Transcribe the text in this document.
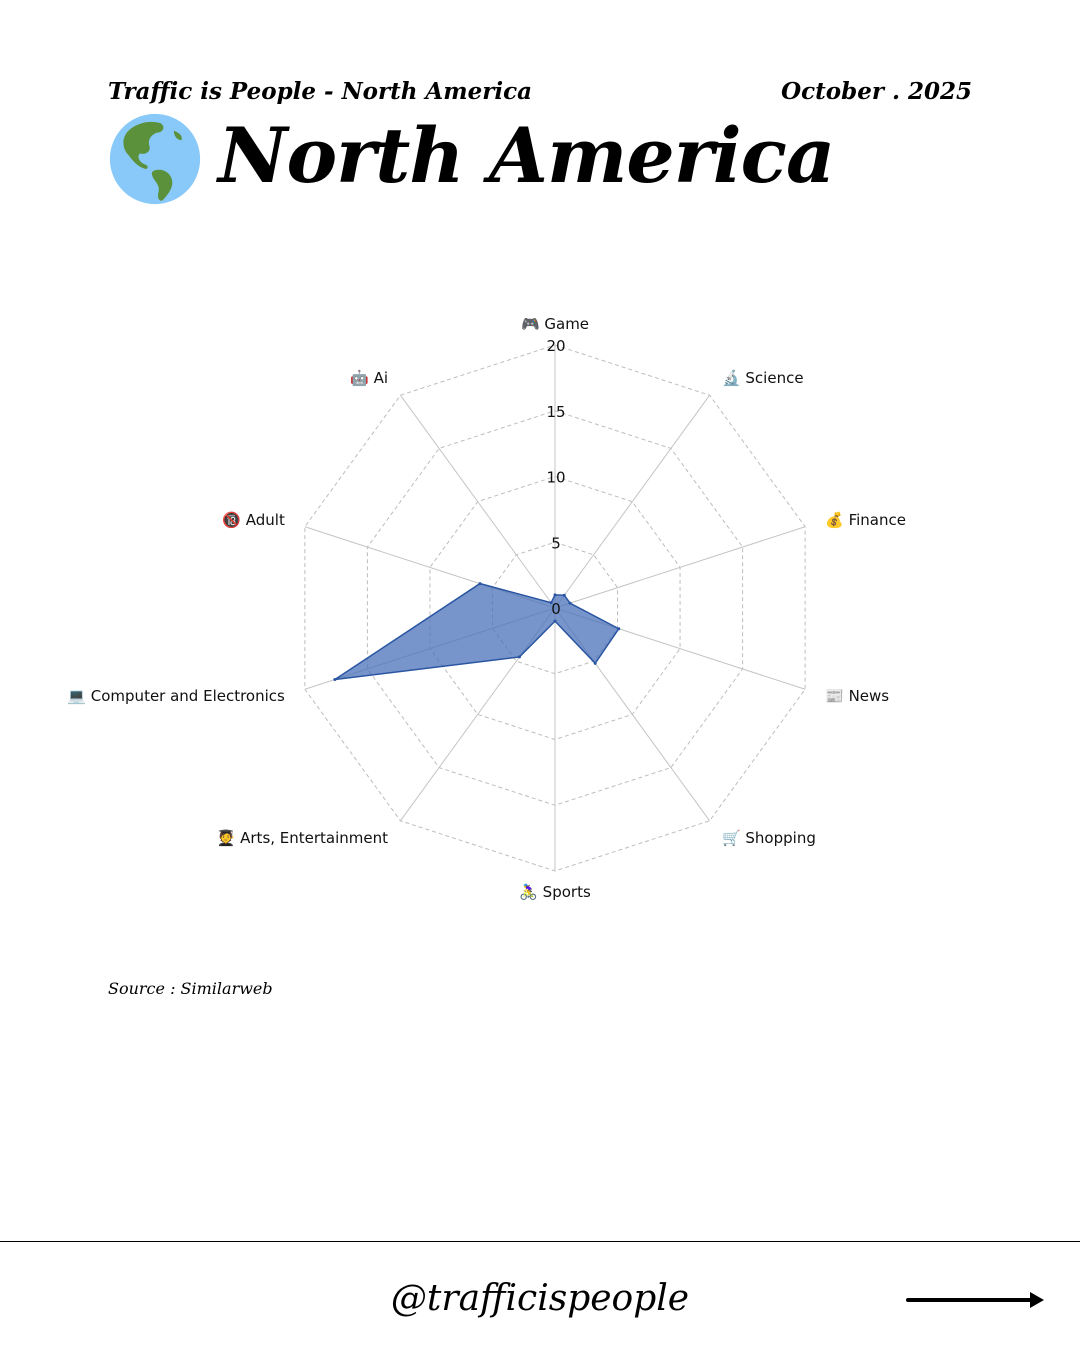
Traffic is People - North America	October . 2025

North America
0
5
10
15
20
🎮 Game
🔬 Science
💰 Finance
📰 News
🛒 Shopping
🚴‍♀️ Sports
🧑‍🎓 Arts, Entertainment
💻 Computer and Electronics
🔞 Adult
🤖 Ai

Source : Similarweb

@trafficispeople
